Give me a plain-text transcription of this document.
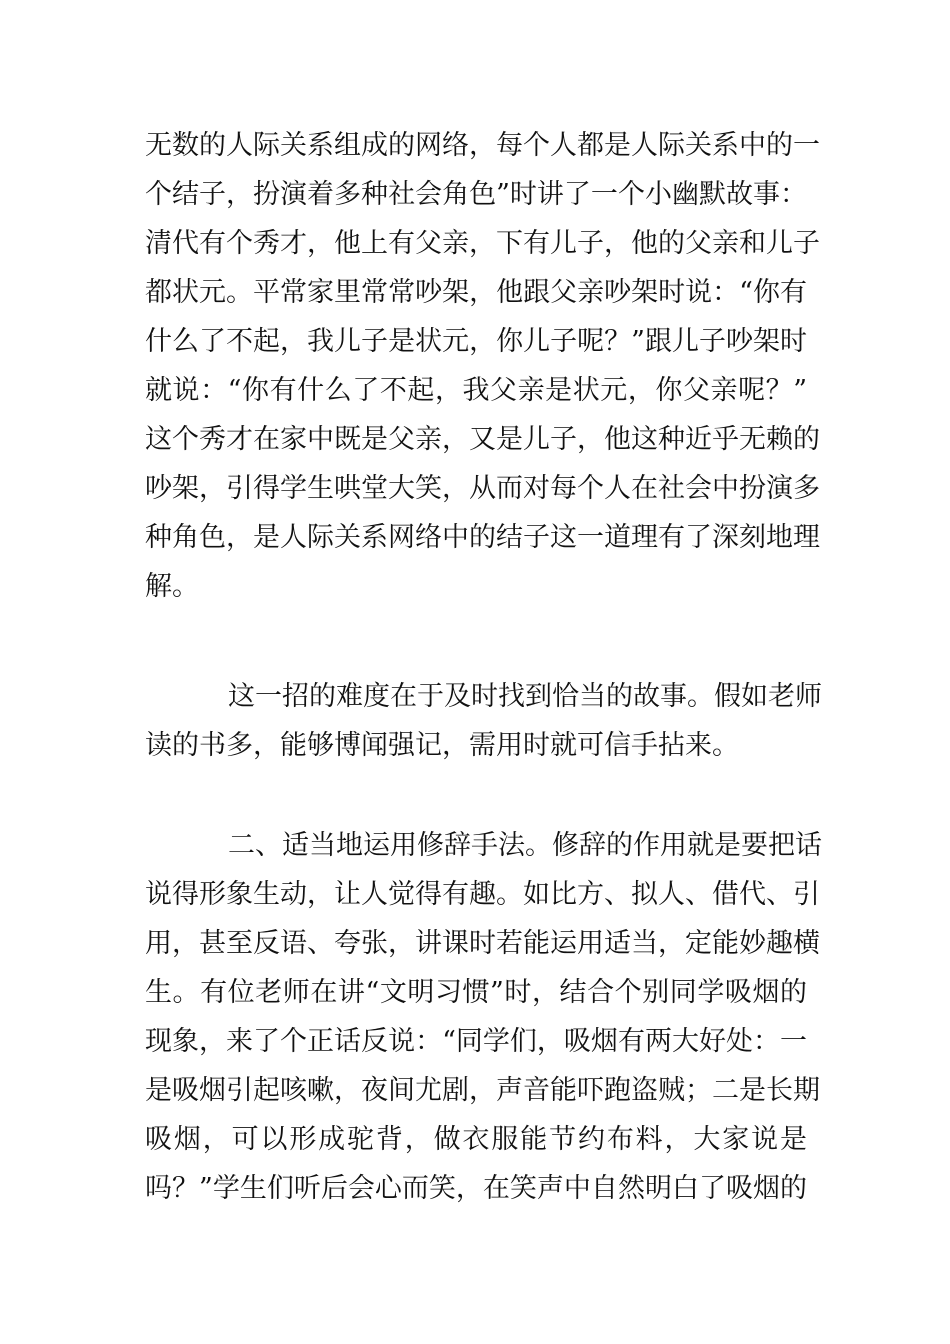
无数的人际关系组成的网络，每个人都是人际关系中的一
个结子，扮演着多种社会角色”时讲了一个小幽默故事：
清代有个秀才，他上有父亲，下有儿子，他的父亲和儿子
都状元。平常家里常常吵架，他跟父亲吵架时说：“你有
什么了不起，我儿子是状元，你儿子呢？”跟儿子吵架时
就说：“你有什么了不起，我父亲是状元，你父亲呢？”
这个秀才在家中既是父亲，又是儿子，他这种近乎无赖的
吵架，引得学生哄堂大笑，从而对每个人在社会中扮演多
种角色，是人际关系网络中的结子这一道理有了深刻地理
解。
这一招的难度在于及时找到恰当的故事。假如老师
读的书多，能够博闻强记，需用时就可信手拈来。
二、适当地运用修辞手法。修辞的作用就是要把话
说得形象生动，让人觉得有趣。如比方、拟人、借代、引
用，甚至反语、夸张，讲课时若能运用适当，定能妙趣横
生。有位老师在讲“文明习惯”时，结合个别同学吸烟的
现象，来了个正话反说：“同学们，吸烟有两大好处：一
是吸烟引起咳嗽，夜间尤剧，声音能吓跑盗贼；二是长期
吸烟，可以形成驼背，做衣服能节约布料，大家说是
吗？”学生们听后会心而笑，在笑声中自然明白了吸烟的
